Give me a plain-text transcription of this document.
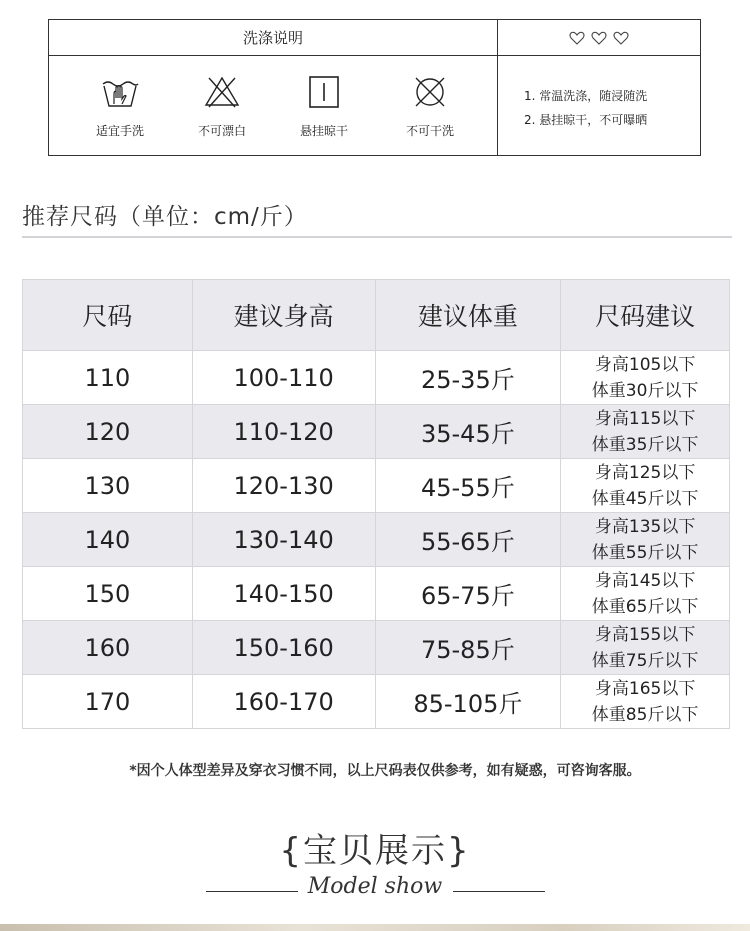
洗涤说明
适宜手洗	不可漂白	悬挂晾干	不可干洗
1. 常温洗涤，随浸随洗
2. 悬挂晾干，不可曝晒
推荐尺码（单位：cm/斤）
尺码	建议身高	建议体重	尺码建议
110	100-110	25-35斤	身高105以下
体重30斤以下

120	110-120	35-45斤	身高115以下
体重35斤以下

130	120-130	45-55斤	身高125以下
体重45斤以下

140	130-140	55-65斤	身高135以下
体重55斤以下

150	140-150	65-75斤	身高145以下
体重65斤以下

160	150-160	75-85斤	身高155以下
体重75斤以下

170	160-170	85-105斤	身高165以下
体重85斤以下
*因个人体型差异及穿衣习惯不同，以上尺码表仅供参考，如有疑惑，可咨询客服。
{宝贝展示}
Model show
